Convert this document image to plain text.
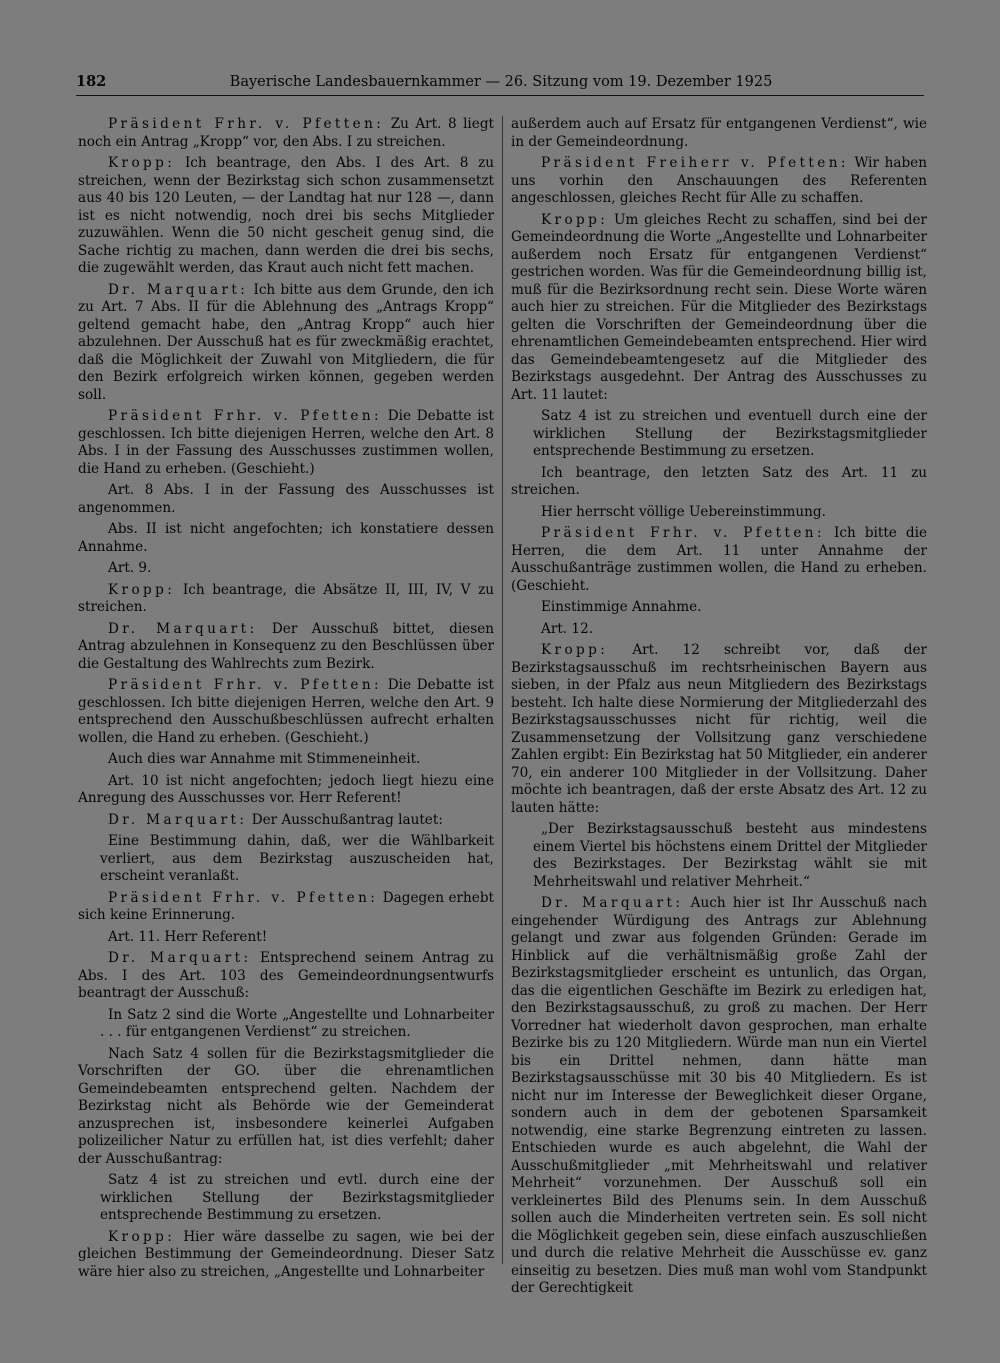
182	Bayerische Landesbauernkammer — 26. Sitzung vom 19. Dezember 1925

Präsident Frhr. v. Pfetten: Zu Art. 8 liegt noch ein Antrag „Kropp“ vor, den Abs. I zu streichen.

Kropp: Ich beantrage, den Abs. I des Art. 8 zu streichen, wenn der Bezirkstag sich schon zusammensetzt aus 40 bis 120 Leuten, — der Landtag hat nur 128 —, dann ist es nicht notwendig, noch drei bis sechs Mitglieder zuzuwählen. Wenn die 50 nicht gescheit genug sind, die Sache richtig zu machen, dann werden die drei bis sechs, die zugewählt werden, das Kraut auch nicht fett machen.

Dr. Marquart: Ich bitte aus dem Grunde, den ich zu Art. 7 Abs. II für die Ablehnung des „Antrags Kropp“ geltend gemacht habe, den „Antrag Kropp“ auch hier abzulehnen. Der Ausschuß hat es für zweckmäßig erachtet, daß die Möglichkeit der Zuwahl von Mitgliedern, die für den Bezirk erfolgreich wirken können, gegeben werden soll.

Präsident Frhr. v. Pfetten: Die Debatte ist geschlossen. Ich bitte diejenigen Herren, welche den Art. 8 Abs. I in der Fassung des Ausschusses zustimmen wollen, die Hand zu erheben. (Geschieht.)

Art. 8 Abs. I in der Fassung des Ausschusses ist angenommen.

Abs. II ist nicht angefochten; ich konstatiere dessen Annahme.

Art. 9.

Kropp: Ich beantrage, die Absätze II, III, IV, V zu streichen.

Dr. Marquart: Der Ausschuß bittet, diesen Antrag abzulehnen in Konsequenz zu den Beschlüssen über die Gestaltung des Wahlrechts zum Bezirk.

Präsident Frhr. v. Pfetten: Die Debatte ist geschlossen. Ich bitte diejenigen Herren, welche den Art. 9 entsprechend den Ausschußbeschlüssen aufrecht erhalten wollen, die Hand zu erheben. (Geschieht.)

Auch dies war Annahme mit Stimmeneinheit.

Art. 10 ist nicht angefochten; jedoch liegt hiezu eine Anregung des Ausschusses vor. Herr Referent!

Dr. Marquart: Der Ausschußantrag lautet:

Eine Bestimmung dahin, daß, wer die Wählbarkeit verliert, aus dem Bezirkstag auszuscheiden hat, erscheint veranlaßt.

Präsident Frhr. v. Pfetten: Dagegen erhebt sich keine Erinnerung.

Art. 11. Herr Referent!

Dr. Marquart: Entsprechend seinem Antrag zu Abs. I des Art. 103 des Gemeindeordnungsentwurfs beantragt der Ausschuß:

In Satz 2 sind die Worte „Angestellte und Lohnarbeiter . . . für entgangenen Verdienst“ zu streichen.

Nach Satz 4 sollen für die Bezirkstagsmitglieder die Vorschriften der GO. über die ehrenamtlichen Gemeindebeamten entsprechend gelten. Nachdem der Bezirkstag nicht als Behörde wie der Gemeinderat anzusprechen ist, insbesondere keinerlei Aufgaben polizeilicher Natur zu erfüllen hat, ist dies verfehlt; daher der Ausschußantrag:

Satz 4 ist zu streichen und evtl. durch eine der wirklichen Stellung der Bezirkstagsmitglieder entsprechende Bestimmung zu ersetzen.

Kropp: Hier wäre dasselbe zu sagen, wie bei der gleichen Bestimmung der Gemeindeordnung. Dieser Satz wäre hier also zu streichen, „Angestellte und Lohnarbeiter

außerdem auch auf Ersatz für entgangenen Verdienst“, wie in der Gemeindeordnung.

Präsident Freiherr v. Pfetten: Wir haben uns vorhin den Anschauungen des Referenten angeschlossen, gleiches Recht für Alle zu schaffen.

Kropp: Um gleiches Recht zu schaffen, sind bei der Gemeindeordnung die Worte „Angestellte und Lohnarbeiter außerdem noch Ersatz für entgangenen Verdienst“ gestrichen worden. Was für die Gemeindeordnung billig ist, muß für die Bezirksordnung recht sein. Diese Worte wären auch hier zu streichen. Für die Mitglieder des Bezirkstags gelten die Vorschriften der Gemeindeordnung über die ehrenamtlichen Gemeindebeamten entsprechend. Hier wird das Gemeindebeamtengesetz auf die Mitglieder des Bezirkstags ausgedehnt. Der Antrag des Ausschusses zu Art. 11 lautet:

Satz 4 ist zu streichen und eventuell durch eine der wirklichen Stellung der Bezirkstagsmitglieder entsprechende Bestimmung zu ersetzen.

Ich beantrage, den letzten Satz des Art. 11 zu streichen.

Hier herrscht völlige Uebereinstimmung.

Präsident Frhr. v. Pfetten: Ich bitte die Herren, die dem Art. 11 unter Annahme der Ausschußanträge zustimmen wollen, die Hand zu erheben. (Geschieht.

Einstimmige Annahme.

Art. 12.

Kropp: Art. 12 schreibt vor, daß der Bezirkstagsausschuß im rechtsrheinischen Bayern aus sieben, in der Pfalz aus neun Mitgliedern des Bezirkstags besteht. Ich halte diese Normierung der Mitgliederzahl des Bezirkstagsausschusses nicht für richtig, weil die Zusammensetzung der Vollsitzung ganz verschiedene Zahlen ergibt: Ein Bezirkstag hat 50 Mitglieder, ein anderer 70, ein anderer 100 Mitglieder in der Vollsitzung. Daher möchte ich beantragen, daß der erste Absatz des Art. 12 zu lauten hätte:

„Der Bezirkstagsausschuß besteht aus mindestens einem Viertel bis höchstens einem Drittel der Mitglieder des Bezirkstages. Der Bezirkstag wählt sie mit Mehrheitswahl und relativer Mehrheit.“

Dr. Marquart: Auch hier ist Ihr Ausschuß nach eingehender Würdigung des Antrags zur Ablehnung gelangt und zwar aus folgenden Gründen: Gerade im Hinblick auf die verhältnismäßig große Zahl der Bezirkstagsmitglieder erscheint es untunlich, das Organ, das die eigentlichen Geschäfte im Bezirk zu erledigen hat, den Bezirkstagsausschuß, zu groß zu machen. Der Herr Vorredner hat wiederholt davon gesprochen, man erhalte Bezirke bis zu 120 Mitgliedern. Würde man nun ein Viertel bis ein Drittel nehmen, dann hätte man Bezirkstagsausschüsse mit 30 bis 40 Mitgliedern. Es ist nicht nur im Interesse der Beweglichkeit dieser Organe, sondern auch in dem der gebotenen Sparsamkeit notwendig, eine starke Begrenzung eintreten zu lassen. Entschieden wurde es auch abgelehnt, die Wahl der Ausschußmitglieder „mit Mehrheitswahl und relativer Mehrheit“ vorzunehmen. Der Ausschuß soll ein verkleinertes Bild des Plenums sein. In dem Ausschuß sollen auch die Minderheiten vertreten sein. Es soll nicht die Möglichkeit gegeben sein, diese einfach auszuschließen und durch die relative Mehrheit die Ausschüsse ev. ganz einseitig zu besetzen. Dies muß man wohl vom Standpunkt der Gerechtigkeit
